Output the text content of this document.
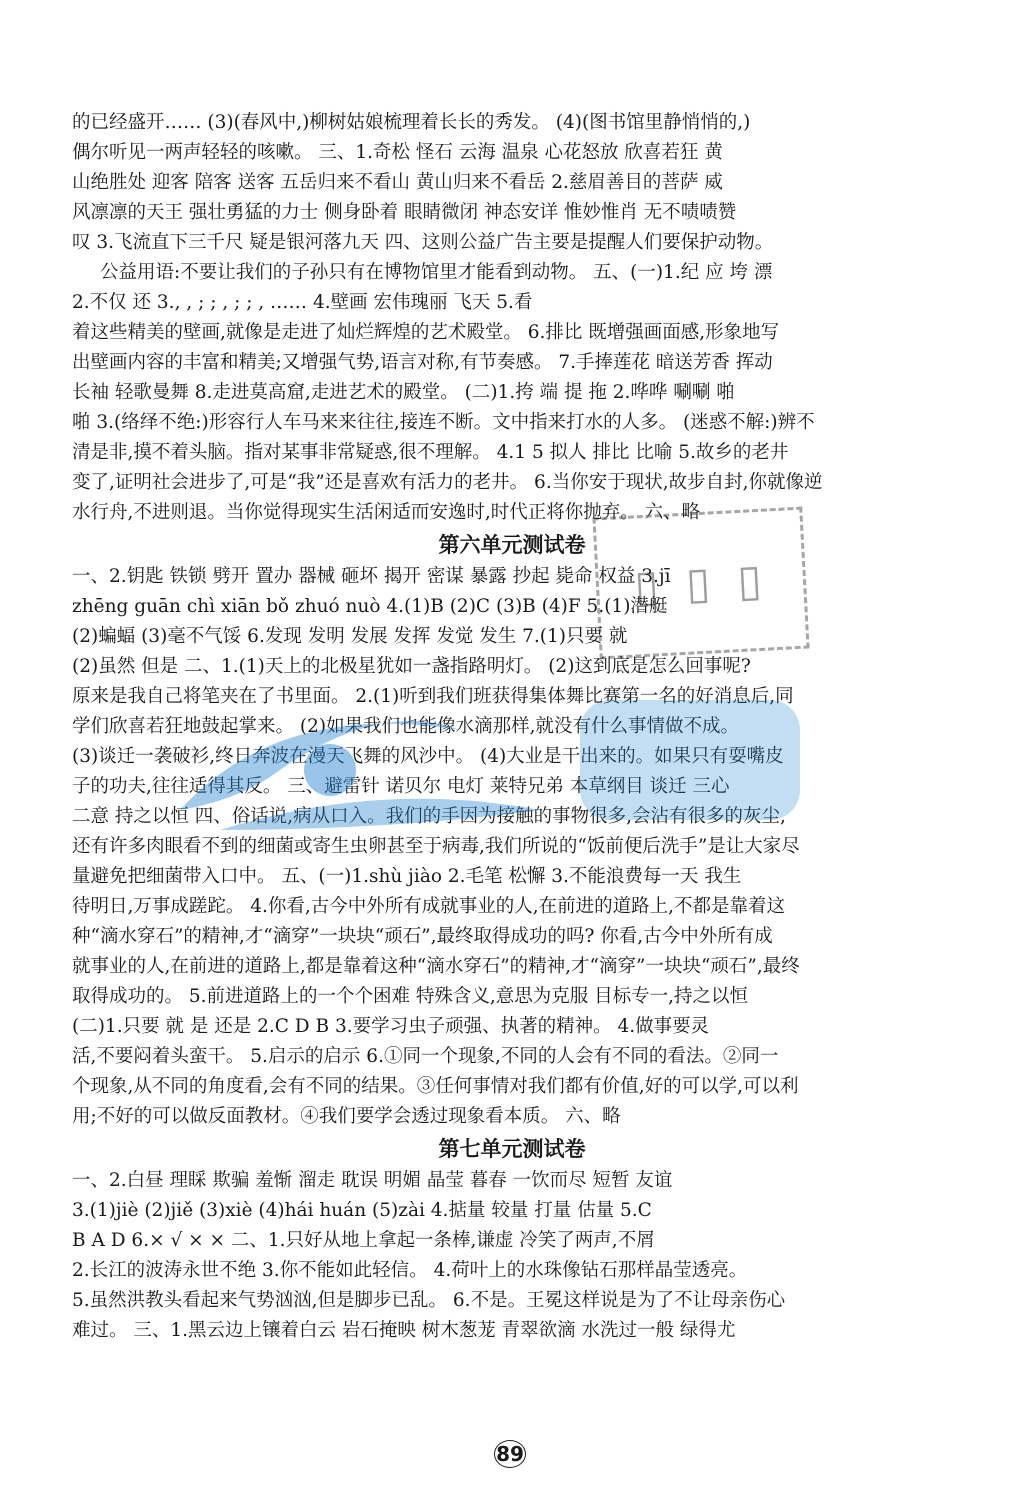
的已经盛开…… (3)(春风中,)柳树姑娘梳理着长长的秀发。 (4)(图书馆里静悄悄的,)
偶尔听见一两声轻轻的咳嗽。 三、1.奇松 怪石 云海 温泉 心花怒放 欣喜若狂 黄
山绝胜处 迎客 陪客 送客 五岳归来不看山 黄山归来不看岳 2.慈眉善目的菩萨 威
风凛凛的天王 强壮勇猛的力士 侧身卧着 眼睛微闭 神态安详 惟妙惟肖 无不啧啧赞
叹 3.飞流直下三千尺 疑是银河落九天 四、这则公益广告主要是提醒人们要保护动物。
公益用语:不要让我们的子孙只有在博物馆里才能看到动物。 五、(一)1.纪 应 垮 漂
2.不仅 还 3., , ; ; , ; ; , …… 4.壁画 宏伟瑰丽 飞天 5.看
着这些精美的壁画,就像是走进了灿烂辉煌的艺术殿堂。 6.排比 既增强画面感,形象地写
出壁画内容的丰富和精美;又增强气势,语言对称,有节奏感。 7.手捧莲花 暗送芳香 挥动
长袖 轻歌曼舞 8.走进莫高窟,走进艺术的殿堂。 (二)1.挎 端 提 拖 2.哗哗 唰唰 啪
啪 3.(络绎不绝:)形容行人车马来来往往,接连不断。文中指来打水的人多。 (迷惑不解:)辨不
清是非,摸不着头脑。指对某事非常疑惑,很不理解。 4.1 5 拟人 排比 比喻 5.故乡的老井
变了,证明社会进步了,可是“我”还是喜欢有活力的老井。 6.当你安于现状,故步自封,你就像逆
水行舟,不进则退。当你觉得现实生活闲适而安逸时,时代正将你抛弃。 六、略
第六单元测试卷
一、2.钥匙 铁锁 劈开 置办 器械 砸坏 揭开 密谋 暴露 抄起 毙命 权益 3.jī
zhēng guān chì xiān bǒ zhuó nuò 4.(1)B (2)C (3)B (4)F 5.(1)潜艇
(2)蝙蝠 (3)毫不气馁 6.发现 发明 发展 发挥 发觉 发生 7.(1)只要 就
(2)虽然 但是 二、1.(1)天上的北极星犹如一盏指路明灯。 (2)这到底是怎么回事呢?
原来是我自己将笔夹在了书里面。 2.(1)听到我们班获得集体舞比赛第一名的好消息后,同
学们欣喜若狂地鼓起掌来。 (2)如果我们也能像水滴那样,就没有什么事情做不成。
(3)谈迁一袭破衫,终日奔波在漫天飞舞的风沙中。 (4)大业是干出来的。如果只有耍嘴皮
子的功夫,往往适得其反。 三、避雷针 诺贝尔 电灯 莱特兄弟 本草纲目 谈迁 三心
二意 持之以恒 四、俗话说,病从口入。我们的手因为接触的事物很多,会沾有很多的灰尘,
还有许多肉眼看不到的细菌或寄生虫卵甚至于病毒,我们所说的“饭前便后洗手”是让大家尽
量避免把细菌带入口中。 五、(一)1.shù jiào 2.毛笔 松懈 3.不能浪费每一天 我生
待明日,万事成蹉跎。 4.你看,古今中外所有成就事业的人,在前进的道路上,不都是靠着这
种“滴水穿石”的精神,才“滴穿”一块块“顽石”,最终取得成功的吗? 你看,古今中外所有成
就事业的人,在前进的道路上,都是靠着这种“滴水穿石”的精神,才“滴穿”一块块“顽石”,最终
取得成功的。 5.前进道路上的一个个困难 特殊含义,意思为克服 目标专一,持之以恒
(二)1.只要 就 是 还是 2.C D B 3.要学习虫子顽强、执著的精神。 4.做事要灵
活,不要闷着头蛮干。 5.启示的启示 6.①同一个现象,不同的人会有不同的看法。②同一
个现象,从不同的角度看,会有不同的结果。③任何事情对我们都有价值,好的可以学,可以利
用;不好的可以做反面教材。④我们要学会透过现象看本质。 六、略
第七单元测试卷
一、2.白昼 理睬 欺骗 羞惭 溜走 耽误 明媚 晶莹 暮春 一饮而尽 短暂 友谊
3.(1)jiè (2)jiě (3)xiè (4)hái huán (5)zài 4.掂量 较量 打量 估量 5.C
B A D 6.× √ × × 二、1.只好从地上拿起一条棒,谦虚 冷笑了两声,不屑
2.长江的波涛永世不绝 3.你不能如此轻信。 4.荷叶上的水珠像钻石那样晶莹透亮。
5.虽然洪教头看起来气势汹汹,但是脚步已乱。 6.不是。王冕这样说是为了不让母亲伤心
难过。 三、1.黑云边上镶着白云 岩石掩映 树木葱茏 青翠欲滴 水洗过一般 绿得尤
▯ ▯ ▯
89
